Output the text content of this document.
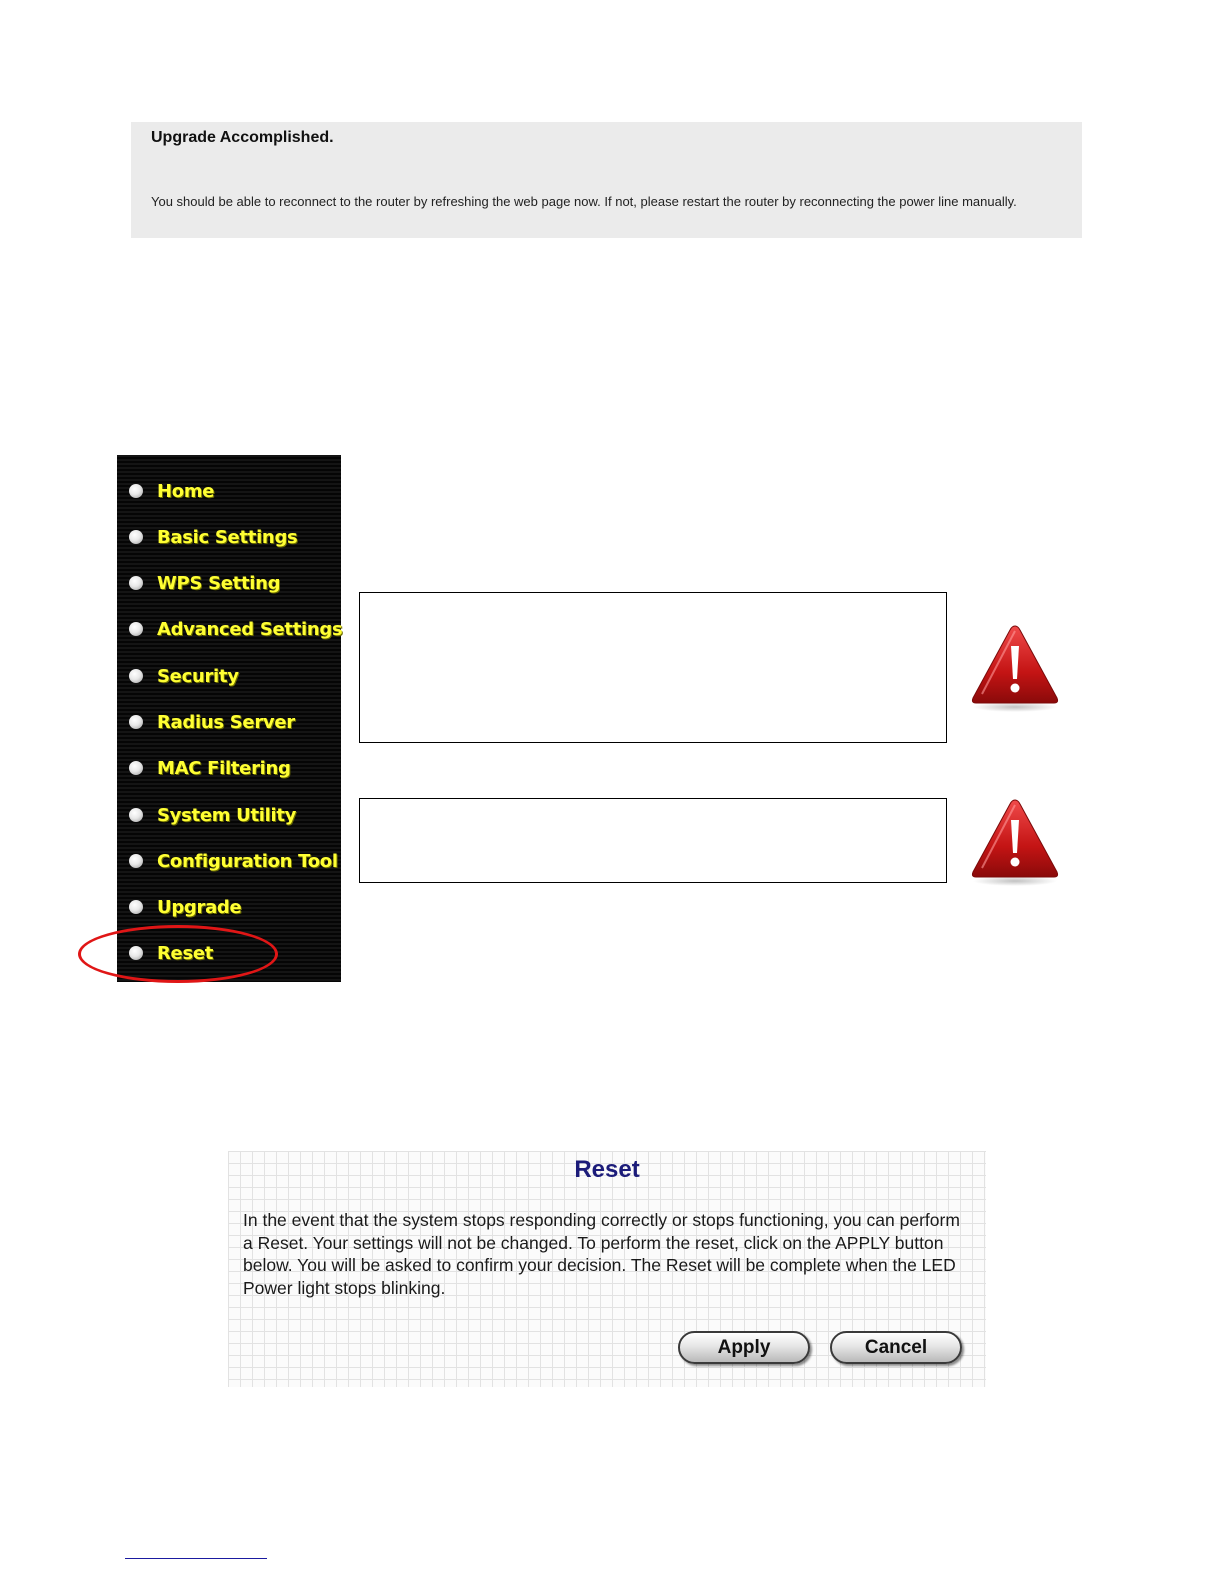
Upgrade Accomplished.
You should be able to reconnect to the router by refreshing the web page now. If not, please restart the router by reconnecting the power line manually.
Home
Basic Settings
WPS Setting
Advanced Settings
Security
Radius Server
MAC Filtering
System Utility
Configuration Tool
Upgrade
Reset
Reset
In the event that the system stops responding correctly or stops functioning, you can perform a Reset. Your settings will not be changed. To perform the reset, click on the APPLY button below. You will be asked to confirm your decision. The Reset will be complete when the LED Power light stops blinking.
Apply	Cancel
